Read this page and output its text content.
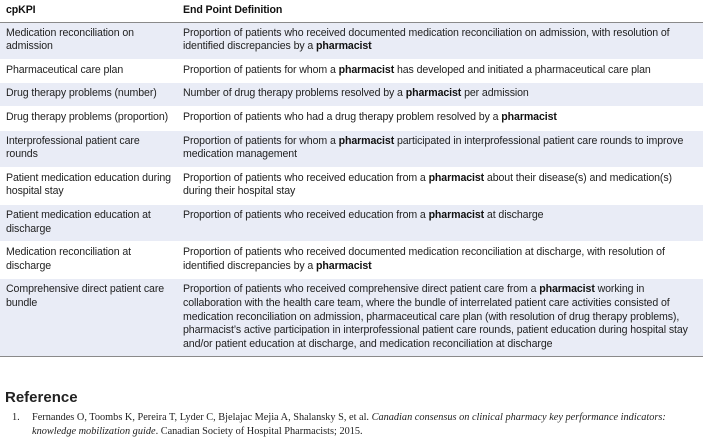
cpKPI	End Point Definition
Medication reconciliation on admission	Proportion of patients who received documented medication reconciliation on admission, with resolution of identified discrepancies by a pharmacist
Pharmaceutical care plan	Proportion of patients for whom a pharmacist has developed and initiated a pharmaceutical care plan
Drug therapy problems (number)	Number of drug therapy problems resolved by a pharmacist per admission
Drug therapy problems (proportion)	Proportion of patients who had a drug therapy problem resolved by a pharmacist
Interprofessional patient care rounds	Proportion of patients for whom a pharmacist participated in interprofessional patient care rounds to improve medication management
Patient medication education during hospital stay	Proportion of patients who received education from a pharmacist about their disease(s) and medication(s) during their hospital stay
Patient medication education at discharge	Proportion of patients who received education from a pharmacist at discharge
Medication reconciliation at discharge	Proportion of patients who received documented medication reconciliation at discharge, with resolution of identified discrepancies by a pharmacist
Comprehensive direct patient care bundle	Proportion of patients who received comprehensive direct patient care from a pharmacist working in collaboration with the health care team, where the bundle of interrelated patient care activities consisted of medication reconciliation on admission, pharmaceutical care plan (with resolution of drug therapy problems), pharmacist’s active participation in interprofessional patient care rounds, patient education during hospital stay and/or patient education at discharge, and medication reconciliation at discharge
Reference
1.	Fernandes O, Toombs K, Pereira T, Lyder C, Bjelajac Mejia A, Shalansky S, et al. Canadian consensus on clinical pharmacy key performance indicators: knowledge mobilization guide. Canadian Society of Hospital Pharmacists; 2015.
